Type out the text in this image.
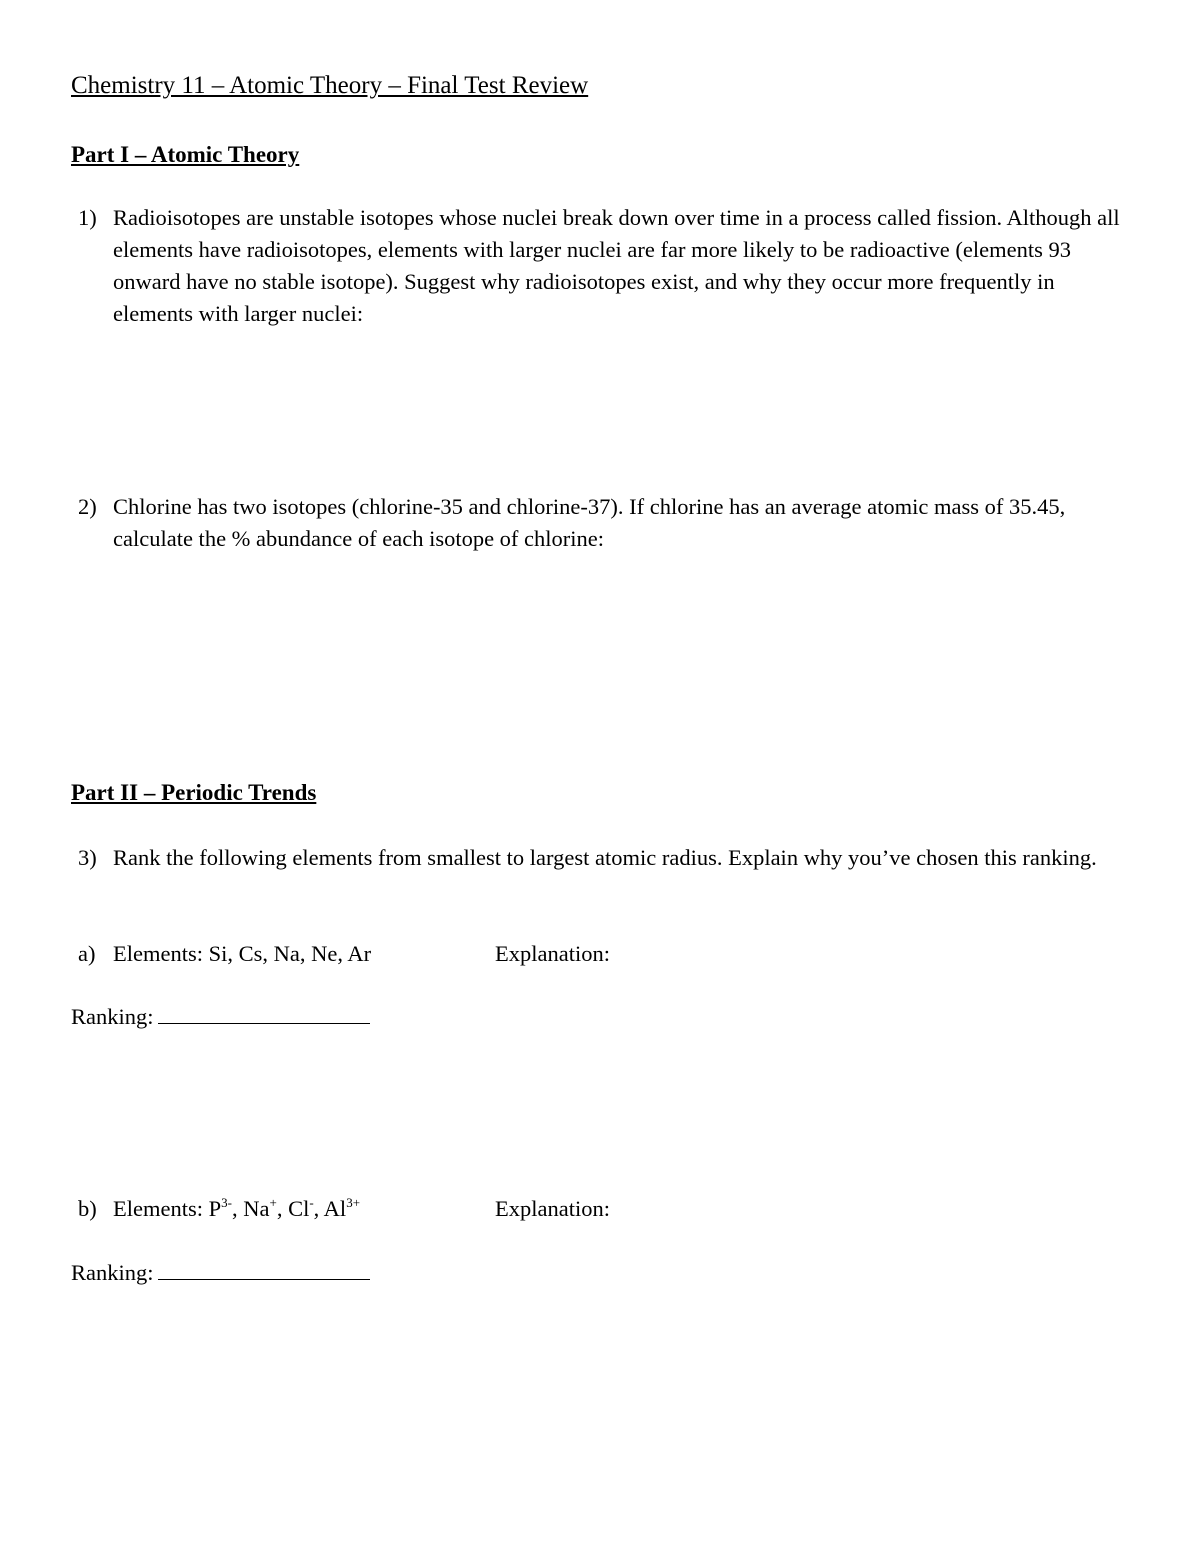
Chemistry 11 – Atomic Theory – Final Test Review
Part I – Atomic Theory
1) Radioisotopes are unstable isotopes whose nuclei break down over time in a process called fission. Although all elements have radioisotopes, elements with larger nuclei are far more likely to be radioactive (elements 93 onward have no stable isotope). Suggest why radioisotopes exist, and why they occur more frequently in elements with larger nuclei:
2) Chlorine has two isotopes (chlorine-35 and chlorine-37). If chlorine has an average atomic mass of 35.45, calculate the % abundance of each isotope of chlorine:
Part II – Periodic Trends
3) Rank the following elements from smallest to largest atomic radius. Explain why you’ve chosen this ranking.
a) Elements: Si, Cs, Na, Ne, Ar	Explanation:
Ranking:
b) Elements: $P^{3-}$, Na+, Cl-, $Al^{3+}$	Explanation:
Ranking:
